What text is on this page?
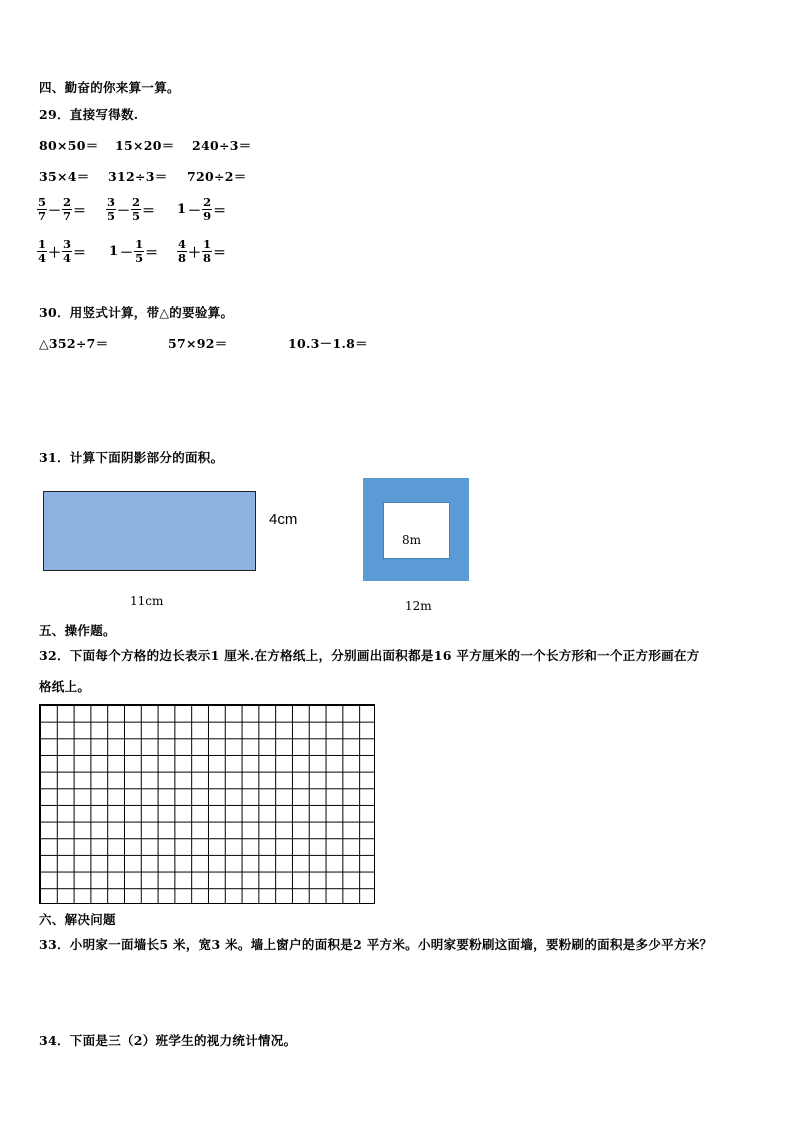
四、勤奋的你来算一算。
29．直接写得数.
80×50＝ 15×20＝ 240÷3＝
35×4＝ 312÷3＝ 720÷2＝
$\frac{5}{7} - \frac{2}{7} = \frac{3}{5} - \frac{2}{5} = 1 - \frac{2}{9}$ ＝
$\frac{1}{4} + \frac{3}{4} = 1 - \frac{1}{5} = \frac{4}{8} + \frac{1}{8}$ ＝
30．用竖式计算，带△的要验算。
△352÷7＝	57×92＝	10.3－1.8＝
31．计算下面阴影部分的面积。
4cm
11cm
8m
12m
五、操作题。
32．下面每个方格的边长表示1 厘米.在方格纸上，分别画出面积都是16 平方厘米的一个长方形和一个正方形画在方
格纸上。
六、解决问题
33．小明家一面墙长5 米，宽3 米。墙上窗户的面积是2 平方米。小明家要粉刷这面墙，要粉刷的面积是多少平方米？
34．下面是三（2）班学生的视力统计情况。
